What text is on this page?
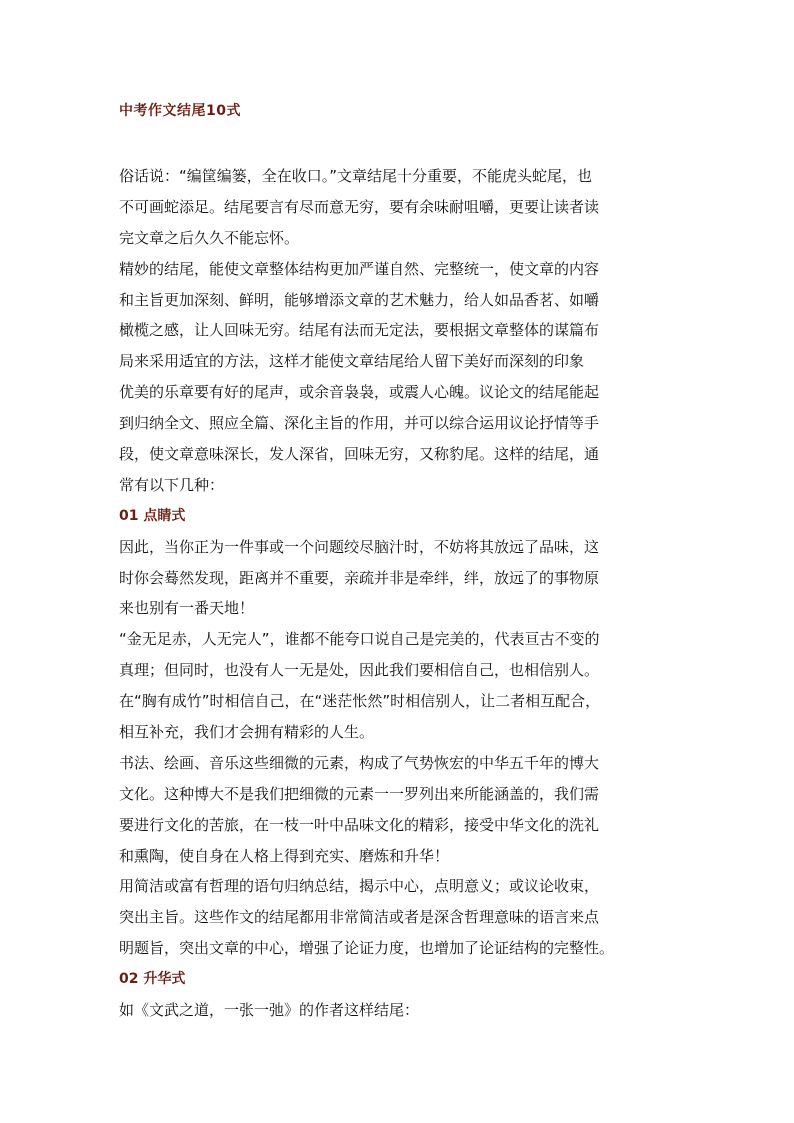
中考作文结尾10式
俗话说：“编筐编篓，全在收口。”文章结尾十分重要，不能虎头蛇尾，也
不可画蛇添足。结尾要言有尽而意无穷，要有余味耐咀嚼，更要让读者读
完文章之后久久不能忘怀。
精妙的结尾，能使文章整体结构更加严谨自然、完整统一，使文章的内容
和主旨更加深刻、鲜明，能够增添文章的艺术魅力，给人如品香茗、如嚼
橄榄之感，让人回味无穷。结尾有法而无定法，要根据文章整体的谋篇布
局来采用适宜的方法，这样才能使文章结尾给人留下美好而深刻的印象
优美的乐章要有好的尾声，或余音袅袅，或震人心魄。议论文的结尾能起
到归纳全文、照应全篇、深化主旨的作用，并可以综合运用议论抒情等手
段，使文章意味深长，发人深省，回味无穷，又称豹尾。这样的结尾，通
常有以下几种：
01 点睛式
因此，当你正为一件事或一个问题绞尽脑汁时，不妨将其放远了品味，这
时你会蓦然发现，距离并不重要，亲疏并非是牵绊，绊，放远了的事物原
来也别有一番天地！
“金无足赤，人无完人”，谁都不能夸口说自己是完美的，代表亘古不变的
真理；但同时，也没有人一无是处，因此我们要相信自己，也相信别人。
在“胸有成竹”时相信自己，在“迷茫怅然”时相信别人，让二者相互配合，
相互补充，我们才会拥有精彩的人生。
书法、绘画、音乐这些细微的元素，构成了气势恢宏的中华五千年的博大
文化。这种博大不是我们把细微的元素一一罗列出来所能涵盖的，我们需
要进行文化的苦旅，在一枝一叶中品味文化的精彩，接受中华文化的洗礼
和熏陶，使自身在人格上得到充实、磨炼和升华！
用简洁或富有哲理的语句归纳总结，揭示中心，点明意义；或议论收束，
突出主旨。这些作文的结尾都用非常简洁或者是深含哲理意味的语言来点
明题旨，突出文章的中心，增强了论证力度，也增加了论证结构的完整性。
02 升华式
如《文武之道，一张一弛》的作者这样结尾：
